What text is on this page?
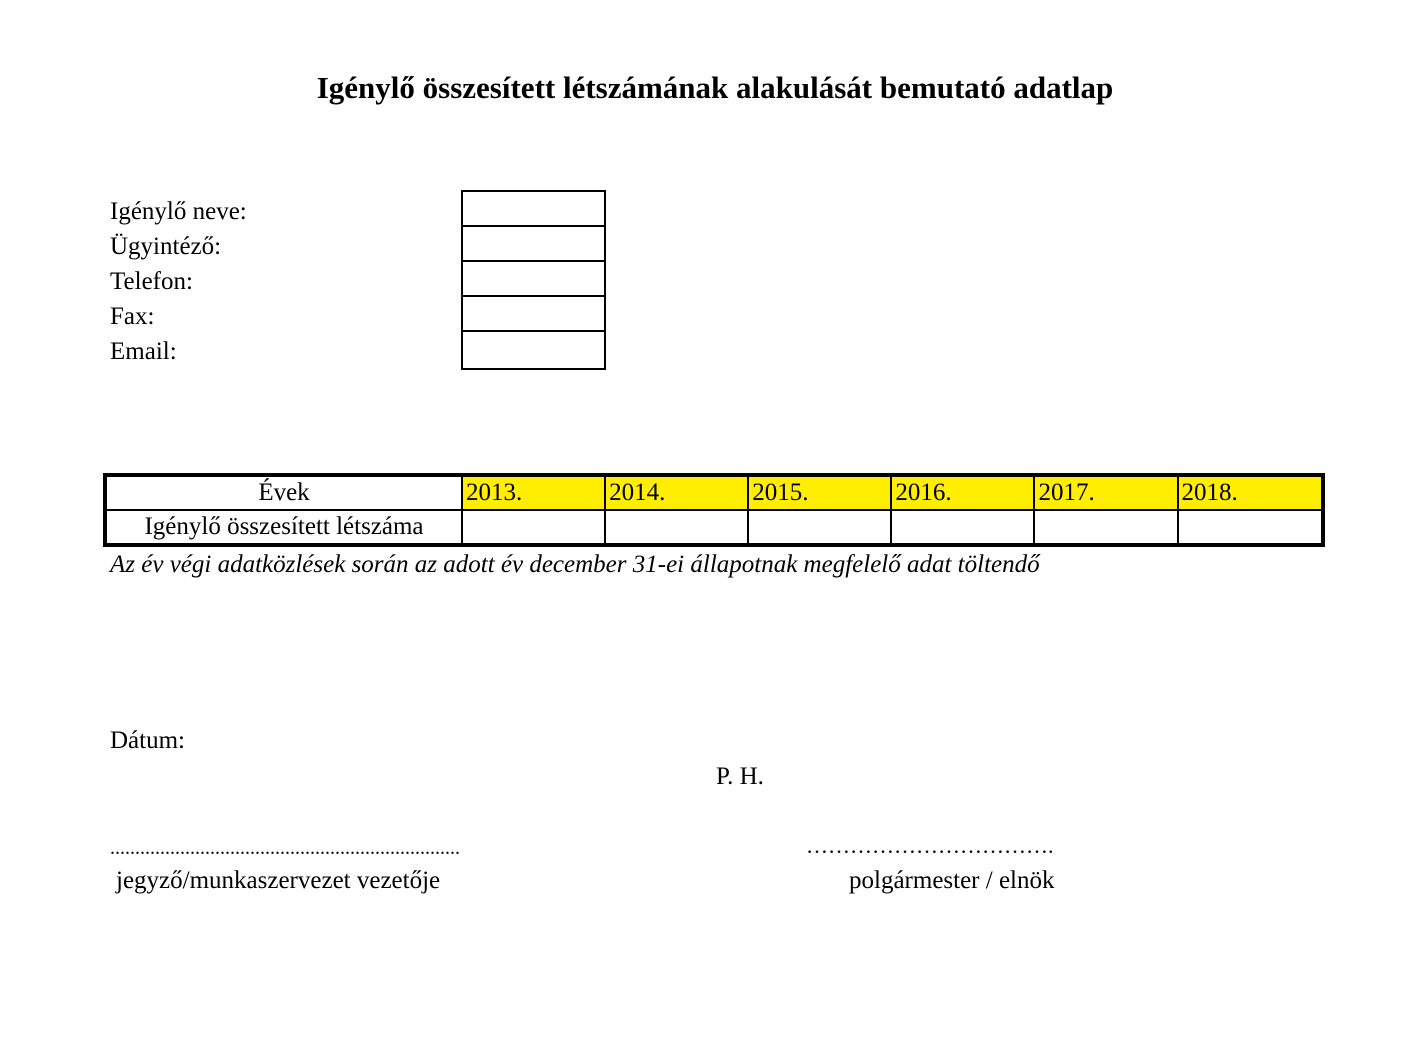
Igénylő összesített létszámának alakulását bemutató adatlap
Igénylő neve:
Ügyintéző:
Telefon:
Fax:
Email:
Évek	2013.	2014.	2015.	2016.	2017.	2018.
Igénylő összesített létszáma						
Az év végi adatközlések során az adott év december 31-ei állapotnak megfelelő adat töltendő
Dátum:
P. H.
......................................................................	…………………………….
jegyző/munkaszervezet vezetője	polgármester / elnök
